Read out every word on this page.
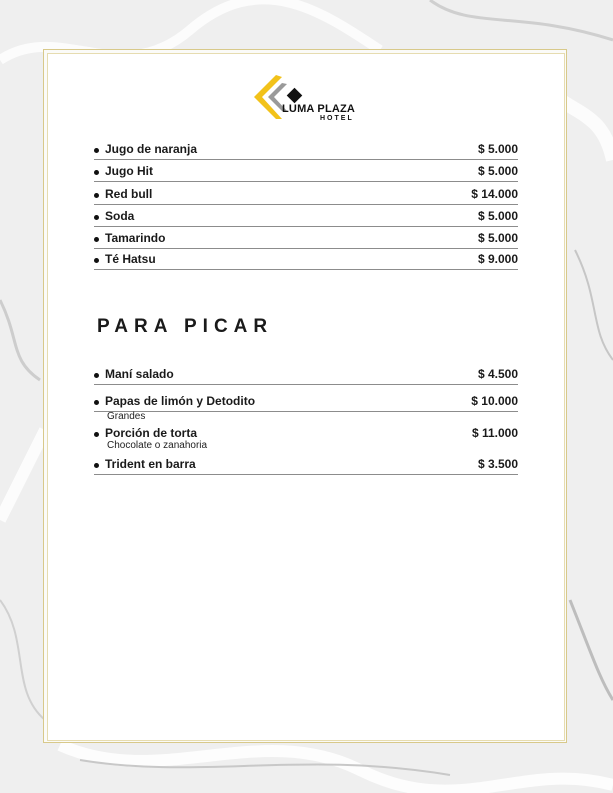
LUMA PLAZA
HOTEL
Jugo de naranja	$ 5.000
Jugo Hit	$ 5.000
Red bull	$ 14.000
Soda	$ 5.000
Tamarindo	$ 5.000
Té Hatsu	$ 9.000
PARA PICAR
Maní salado	$ 4.500
Papas de limón y Detodito	$ 10.000
Grandes
Porción de torta	$ 11.000
Chocolate o zanahoria
Trident en barra	$ 3.500
